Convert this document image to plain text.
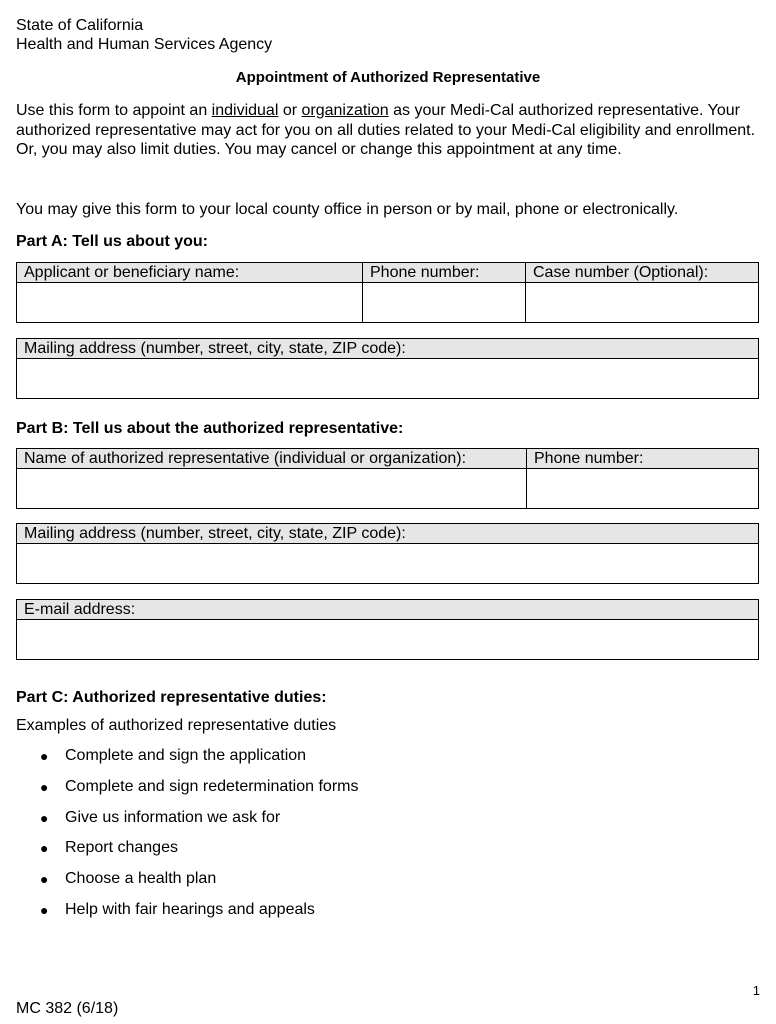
State of California
Health and Human Services Agency
Appointment of Authorized Representative
Use this form to appoint an individual or organization as your Medi-Cal authorized representative. Your authorized representative may act for you on all duties related to your Medi-Cal eligibility and enrollment. Or, you may also limit duties. You may cancel or change this appointment at any time.
You may give this form to your local county office in person or by mail, phone or electronically.
Part A: Tell us about you:
Applicant or beneficiary name:	Phone number:	Case number (Optional):
Mailing address (number, street, city, state, ZIP code):
Part B: Tell us about the authorized representative:
Name of authorized representative (individual or organization):	Phone number:
Mailing address (number, street, city, state, ZIP code):
E-mail address:
Part C: Authorized representative duties:
Examples of authorized representative duties
● Complete and sign the application
● Complete and sign redetermination forms
● Give us information we ask for
● Report changes
● Choose a health plan
● Help with fair hearings and appeals
1
MC 382 (6/18)
